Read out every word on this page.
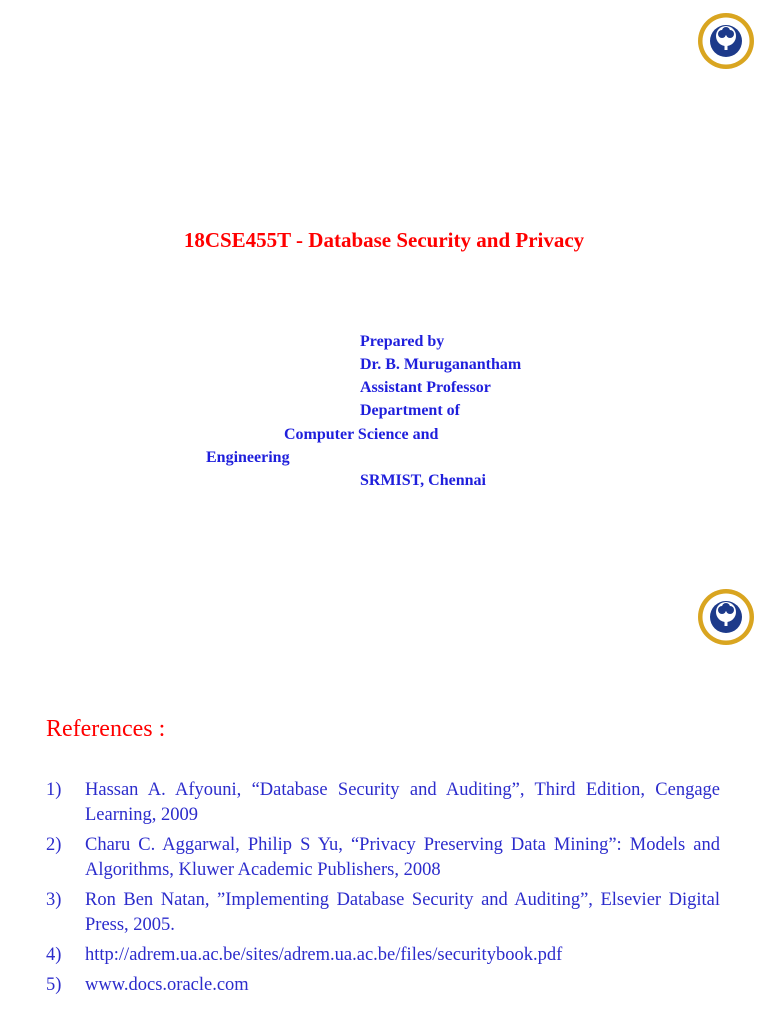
18CSE455T - Database Security and Privacy
Prepared by
Dr. B. Muruganantham
Assistant Professor
Department of
Computer Science and
Engineering
SRMIST, Chennai
References :
1) Hassan A. Afyouni, “Database Security and Auditing”, Third Edition, Cengage Learning, 2009
2) Charu C. Aggarwal, Philip S Yu, “Privacy Preserving Data Mining”: Models and Algorithms, Kluwer Academic Publishers, 2008
3) Ron Ben Natan, ”Implementing Database Security and Auditing”, Elsevier Digital Press, 2005.
4) http://adrem.ua.ac.be/sites/adrem.ua.ac.be/files/securitybook.pdf
5) www.docs.oracle.com
